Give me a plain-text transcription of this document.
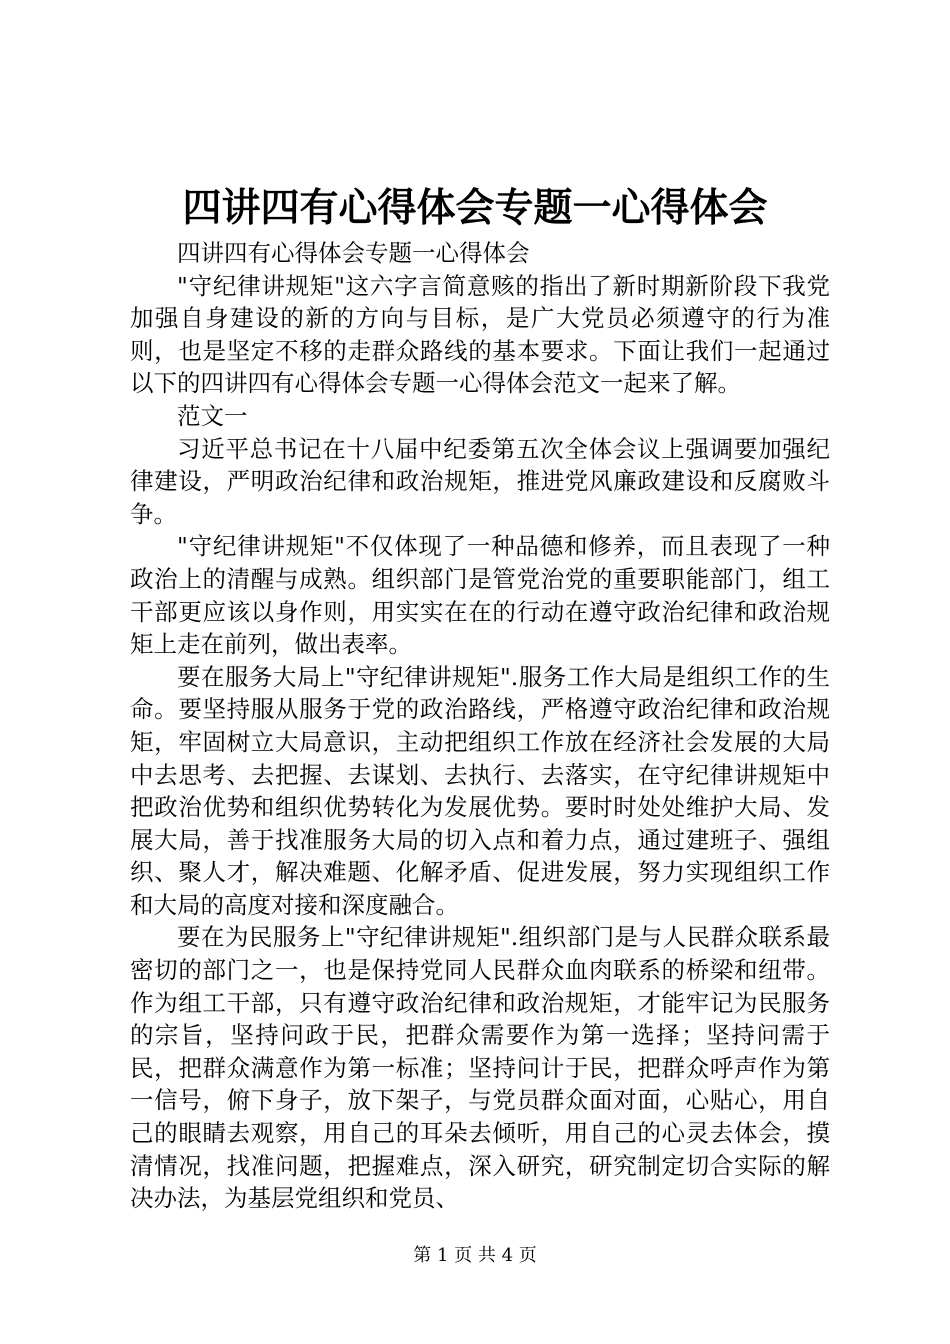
四讲四有心得体会专题一心得体会

四讲四有心得体会专题一心得体会

"守纪律讲规矩"这六字言简意赅的指出了新时期新阶段下我党加强自身建设的新的方向与目标，是广大党员必须遵守的行为准则，也是坚定不移的走群众路线的基本要求。下面让我们一起通过以下的四讲四有心得体会专题一心得体会范文一起来了解。

范文一

习近平总书记在十八届中纪委第五次全体会议上强调要加强纪律建设，严明政治纪律和政治规矩，推进党风廉政建设和反腐败斗争。

"守纪律讲规矩"不仅体现了一种品德和修养，而且表现了一种政治上的清醒与成熟。组织部门是管党治党的重要职能部门，组工干部更应该以身作则，用实实在在的行动在遵守政治纪律和政治规矩上走在前列，做出表率。

要在服务大局上"守纪律讲规矩".服务工作大局是组织工作的生命。要坚持服从服务于党的政治路线，严格遵守政治纪律和政治规矩，牢固树立大局意识，主动把组织工作放在经济社会发展的大局中去思考、去把握、去谋划、去执行、去落实，在守纪律讲规矩中把政治优势和组织优势转化为发展优势。要时时处处维护大局、发展大局，善于找准服务大局的切入点和着力点，通过建班子、强组织、聚人才，解决难题、化解矛盾、促进发展，努力实现组织工作和大局的高度对接和深度融合。

要在为民服务上"守纪律讲规矩".组织部门是与人民群众联系最密切的部门之一，也是保持党同人民群众血肉联系的桥梁和纽带。作为组工干部，只有遵守政治纪律和政治规矩，才能牢记为民服务的宗旨，坚持问政于民，把群众需要作为第一选择；坚持问需于民，把群众满意作为第一标准；坚持问计于民，把群众呼声作为第一信号，俯下身子，放下架子，与党员群众面对面，心贴心，用自己的眼睛去观察，用自己的耳朵去倾听，用自己的心灵去体会，摸清情况，找准问题，把握难点，深入研究，研究制定切合实际的解决办法，为基层党组织和党员、

第 1 页 共 4 页
